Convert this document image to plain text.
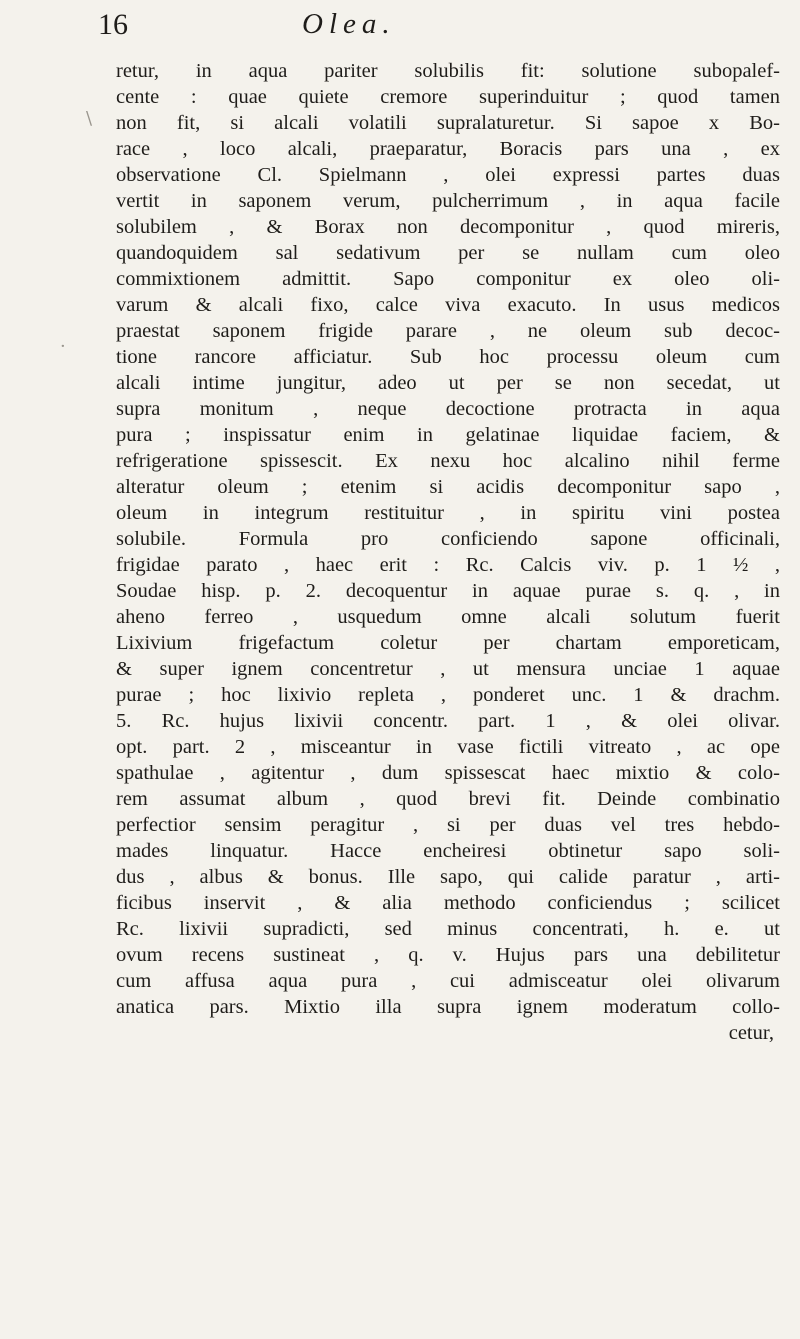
16	Olea.
\
·
retur, in aqua pariter solubilis fit: solutione subopalef-
cente : quae quiete cremore superinduitur ; quod tamen
non fit, si alcali volatili supralaturetur. Si sapoe x Bo-
race , loco alcali, praeparatur, Boracis pars una , ex
observatione Cl. Spielmann , olei expressi partes duas
vertit in saponem verum, pulcherrimum , in aqua facile
solubilem , & Borax non decomponitur , quod mireris,
quandoquidem sal sedativum per se nullam cum oleo
commixtionem admittit. Sapo componitur ex oleo oli-
varum & alcali fixo, calce viva exacuto. In usus medicos
praestat saponem frigide parare , ne oleum sub decoc-
tione rancore afficiatur. Sub hoc processu oleum cum
alcali intime jungitur, adeo ut per se non secedat, ut
supra monitum , neque decoctione protracta in aqua
pura ; inspissatur enim in gelatinae liquidae faciem, &
refrigeratione spissescit. Ex nexu hoc alcalino nihil ferme
alteratur oleum ; etenim si acidis decomponitur sapo ,
oleum in integrum restituitur , in spiritu vini postea
solubile. Formula pro conficiendo sapone officinali,
frigidae parato , haec erit : Rc. Calcis viv. p. 1 ½ ,
Soudae hisp. p. 2. decoquentur in aquae purae s. q. , in
aheno ferreo , usquedum omne alcali solutum fuerit
Lixivium frigefactum coletur per chartam emporeticam,
& super ignem concentretur , ut mensura unciae 1 aquae
purae ; hoc lixivio repleta , ponderet unc. 1 & drachm.
5. Rc. hujus lixivii concentr. part. 1 , & olei olivar.
opt. part. 2 , misceantur in vase fictili vitreato , ac ope
spathulae , agitentur , dum spissescat haec mixtio & colo-
rem assumat album , quod brevi fit. Deinde combinatio
perfectior sensim peragitur , si per duas vel tres hebdo-
mades linquatur. Hacce encheiresi obtinetur sapo soli-
dus , albus & bonus. Ille sapo, qui calide paratur , arti-
ficibus inservit , & alia methodo conficiendus ; scilicet
Rc. lixivii supradicti, sed minus concentrati, h. e. ut
ovum recens sustineat , q. v. Hujus pars una debilitetur
cum affusa aqua pura , cui admisceatur olei olivarum
anatica pars. Mixtio illa supra ignem moderatum collo-
cetur,
